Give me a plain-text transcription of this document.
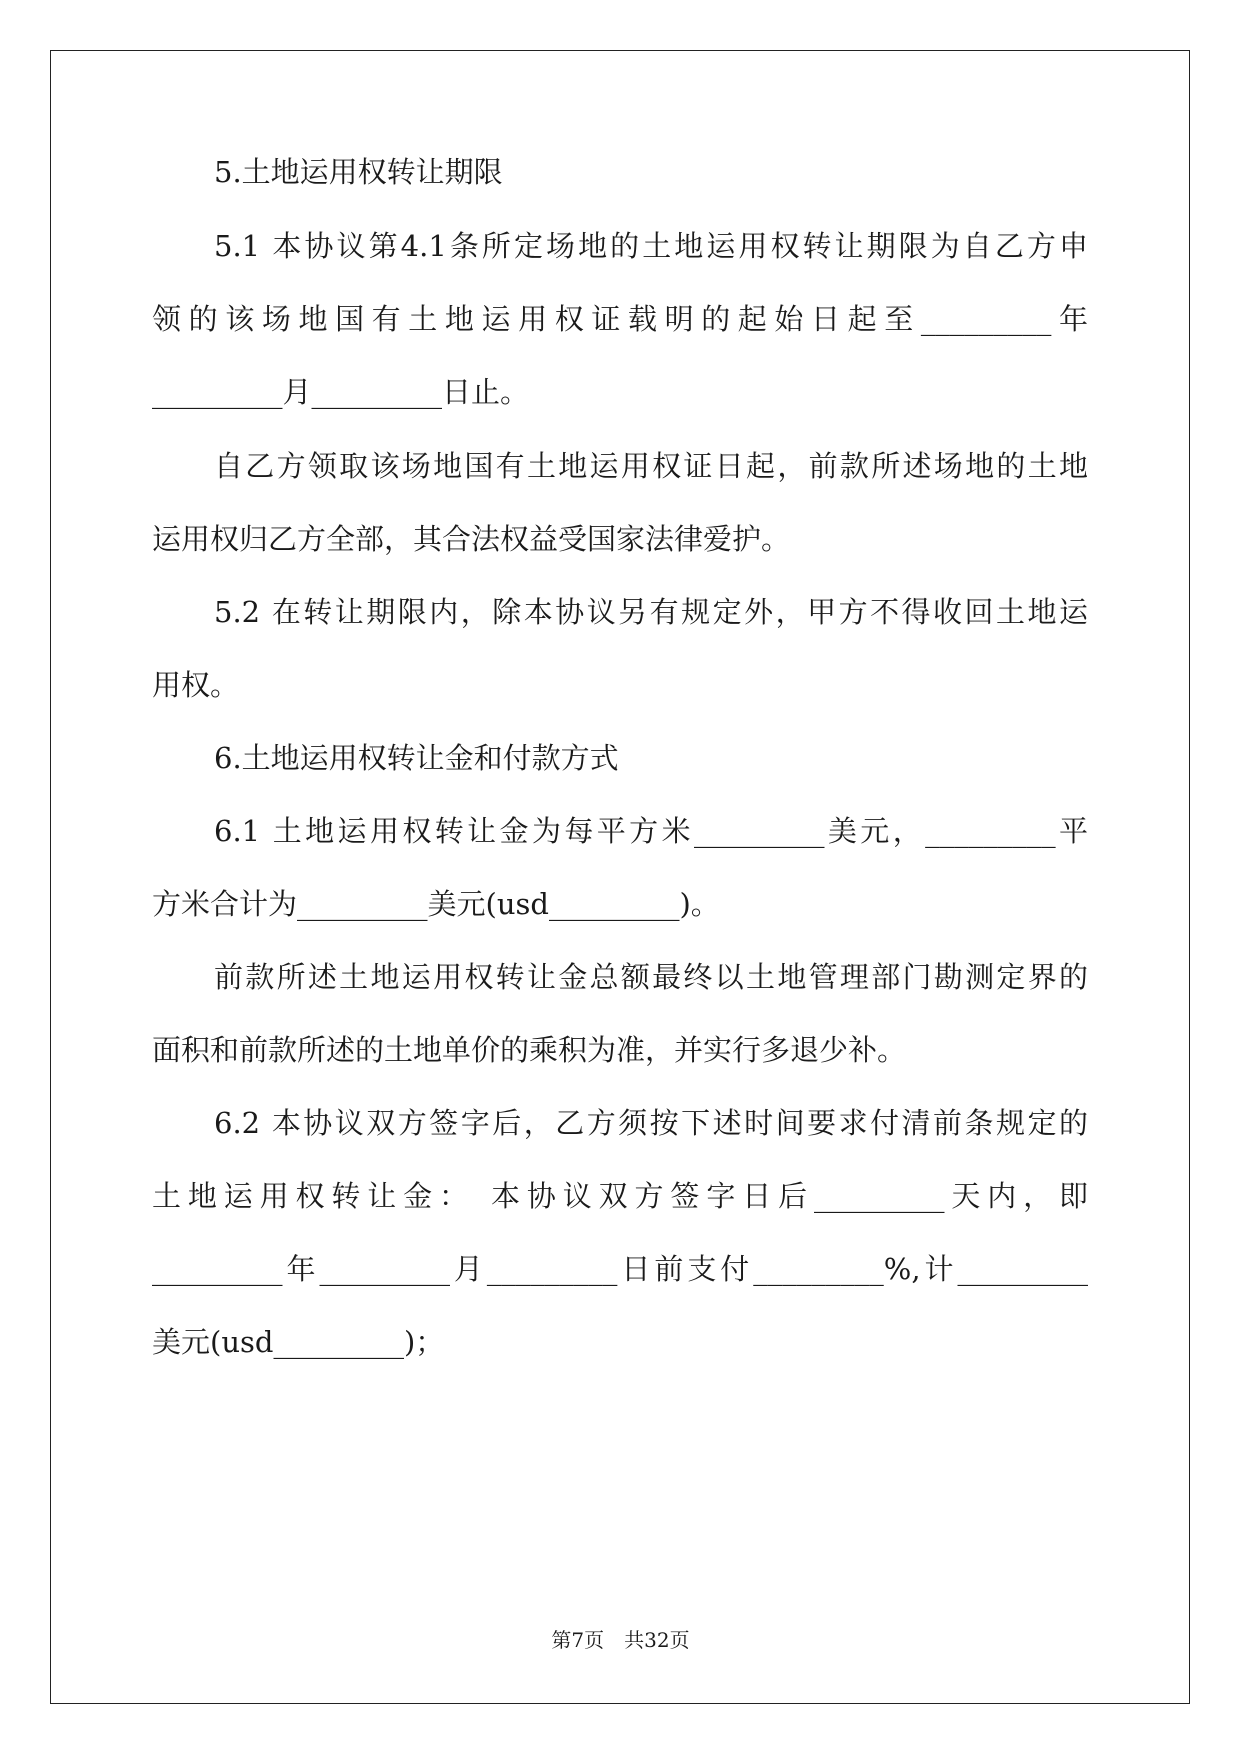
5.土地运用权转让期限
5.1 本协议第4.1条所定场地的土地运用权转让期限为自乙方申
领的该场地国有土地运用权证载明的起始日起至_________年
_________月_________日止。
自乙方领取该场地国有土地运用权证日起，前款所述场地的土地
运用权归乙方全部，其合法权益受国家法律爱护。
5.2 在转让期限内，除本协议另有规定外，甲方不得收回土地运
用权。
6.土地运用权转让金和付款方式
6.1 土地运用权转让金为每平方米_________美元，_________平
方米合计为_________美元(usd_________)。
前款所述土地运用权转让金总额最终以土地管理部门勘测定界的
面积和前款所述的土地单价的乘积为准，并实行多退少补。
6.2 本协议双方签字后，乙方须按下述时间要求付清前条规定的
土地运用权转让金： 本协议双方签字日后_________天内，即
_________年_________月_________日前支付_________%,计_________
美元(usd_________)；
第7页　共32页
